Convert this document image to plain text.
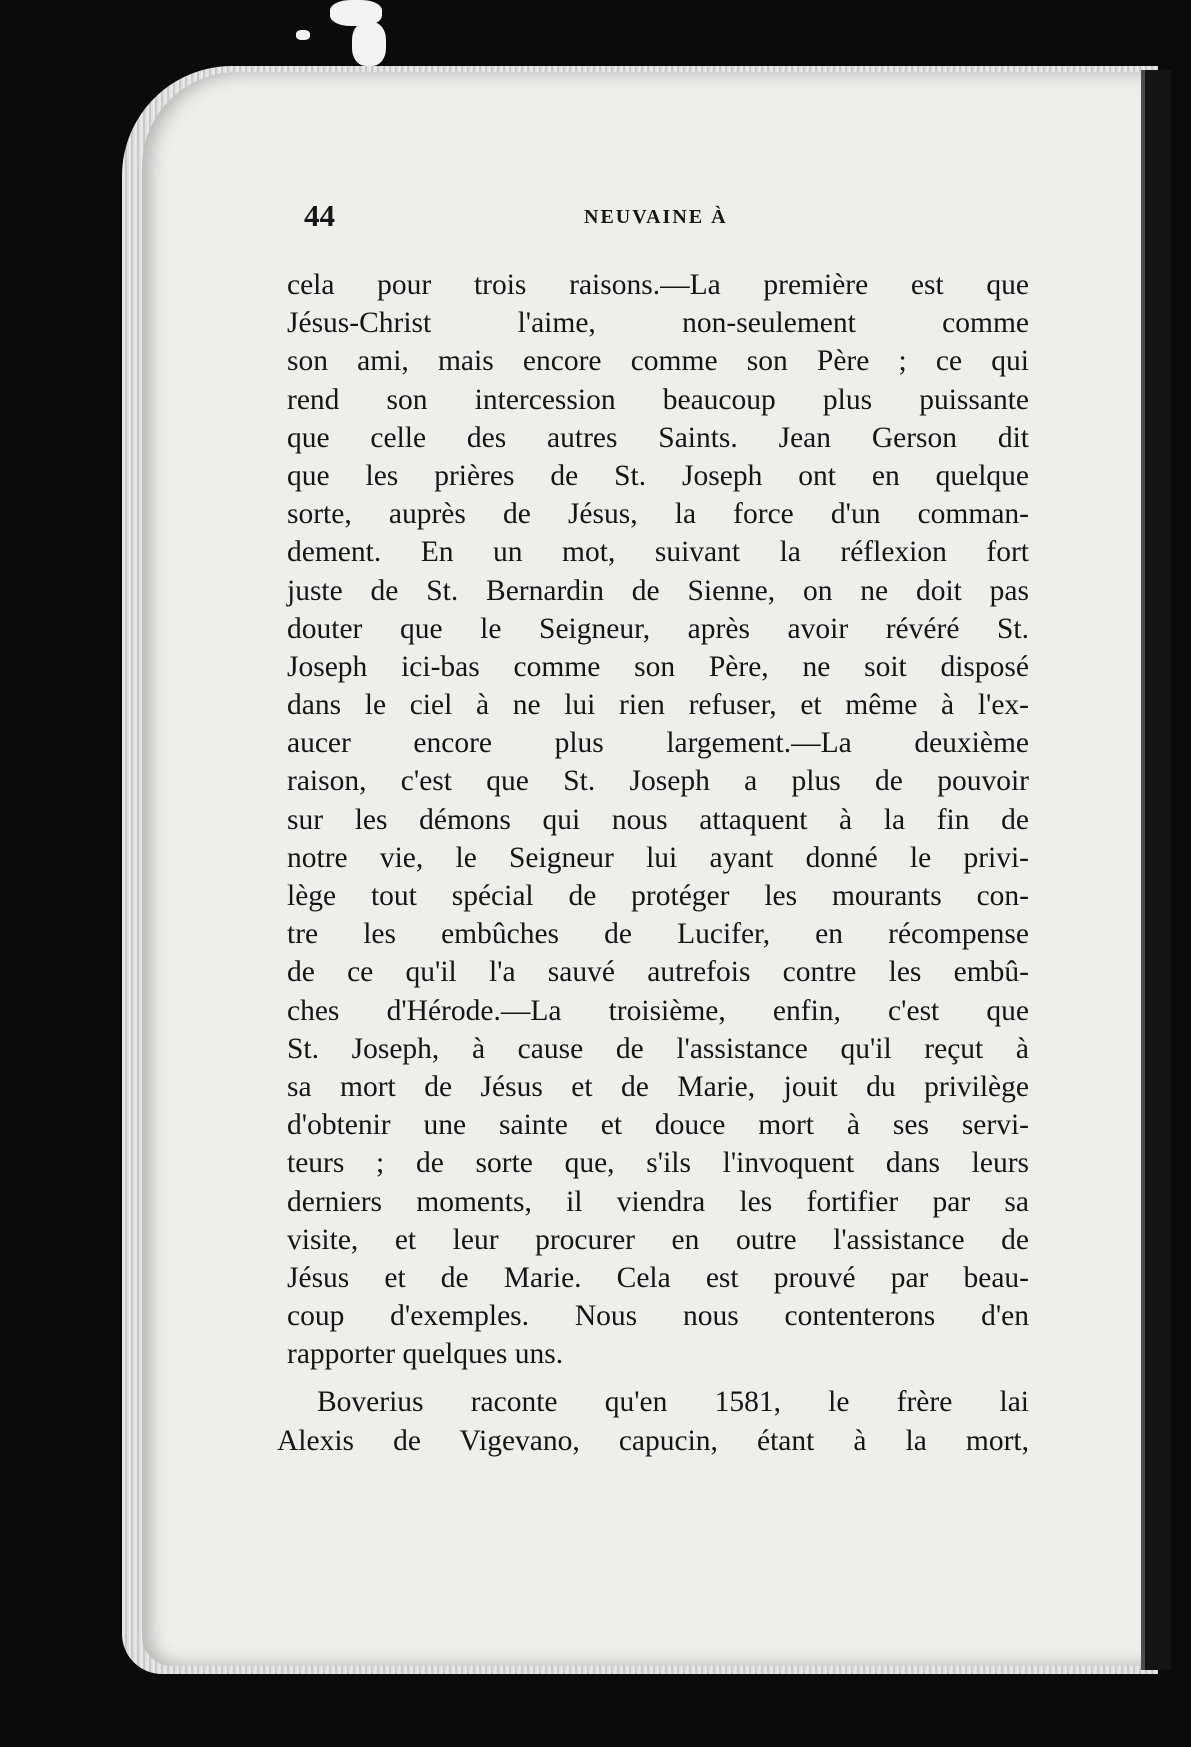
44	NEUVAINE À
cela pour trois raisons.—La première est que
Jésus-Christ l'aime, non-seulement comme
son ami, mais encore comme son Père ; ce qui
rend son intercession beaucoup plus puissante
que celle des autres Saints. Jean Gerson dit
que les prières de St. Joseph ont en quelque
sorte, auprès de Jésus, la force d'un comman-
dement. En un mot, suivant la réflexion fort
juste de St. Bernardin de Sienne, on ne doit pas
douter que le Seigneur, après avoir révéré St.
Joseph ici-bas comme son Père, ne soit disposé
dans le ciel à ne lui rien refuser, et même à l'ex-
aucer encore plus largement.—La deuxième
raison, c'est que St. Joseph a plus de pouvoir
sur les démons qui nous attaquent à la fin de
notre vie, le Seigneur lui ayant donné le privi-
lège tout spécial de protéger les mourants con-
tre les embûches de Lucifer, en récompense
de ce qu'il l'a sauvé autrefois contre les embû-
ches d'Hérode.—La troisième, enfin, c'est que
St. Joseph, à cause de l'assistance qu'il reçut à
sa mort de Jésus et de Marie, jouit du privilège
d'obtenir une sainte et douce mort à ses servi-
teurs ; de sorte que, s'ils l'invoquent dans leurs
derniers moments, il viendra les fortifier par sa
visite, et leur procurer en outre l'assistance de
Jésus et de Marie. Cela est prouvé par beau-
coup d'exemples. Nous nous contenterons d'en
rapporter quelques uns.
Boverius raconte qu'en 1581, le frère lai
Alexis de Vigevano, capucin, étant à la mort,
